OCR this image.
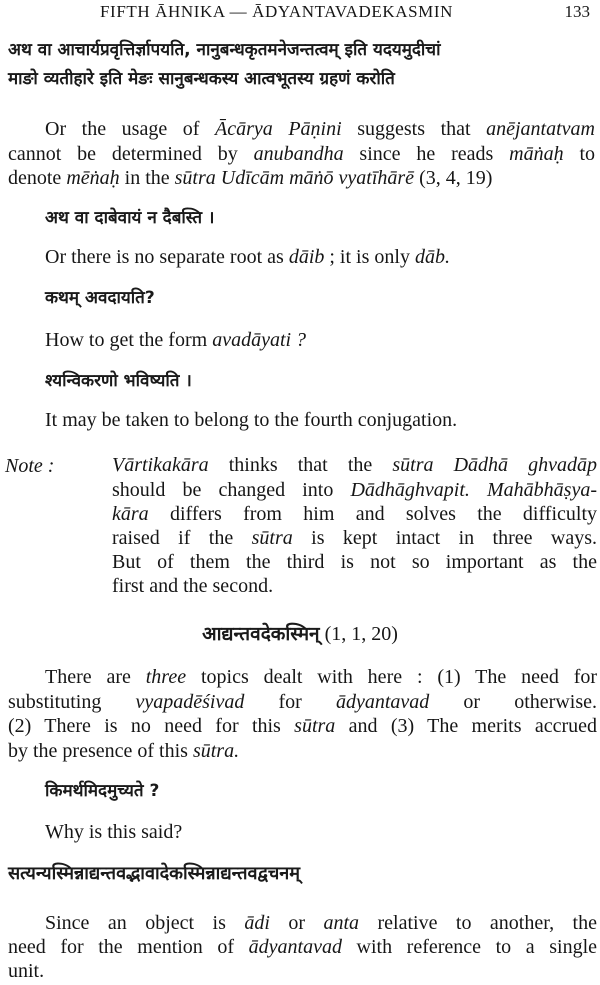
FIFTH ĀHNIKA — ĀDYANTAVADEKASMIN	133
अथ वा आचार्यप्रवृत्तिर्ज्ञापयति, नानुबन्धकृतमनेजन्तत्वम् इति यदयमुदीचां
माङो व्यतीहारे इति मेङः सानुबन्धकस्य आत्वभूतस्य ग्रहणं करोति
Or the usage of Ācārya Pāṇini suggests that anējantatvam
cannot be determined by anubandha since he reads māṅaḥ to
denote mēṅaḥ in the sūtra Udīcām māṅō vyatīhārē (3, 4, 19)
अथ वा दाबेवायं न दैबस्ति ।
Or there is no separate root as dāib ; it is only dāb.
कथम् अवदायति?
How to get the form avadāyati ?
श्यन्विकरणो भविष्यति ।
It may be taken to belong to the fourth conjugation.
Note :	Vārtikakāra thinks that the sūtra Dādhā ghvadāp
should be changed into Dādhāghvapit. Mahābhāṣya-
kāra differs from him and solves the difficulty
raised if the sūtra is kept intact in three ways.
But of them the third is not so important as the
first and the second.
आद्यन्तवदेकस्मिन् (1, 1, 20)
There are three topics dealt with here : (1) The need for
substituting vyapadēśivad for ādyantavad or otherwise.
(2) There is no need for this sūtra and (3) The merits accrued
by the presence of this sūtra.
किमर्थमिदमुच्यते ?
Why is this said?
सत्यन्यस्मिन्नाद्यन्तवद्भावादेकस्मिन्नाद्यन्तवद्वचनम्
Since an object is ādi or anta relative to another, the
need for the mention of ādyantavad with reference to a single
unit.
